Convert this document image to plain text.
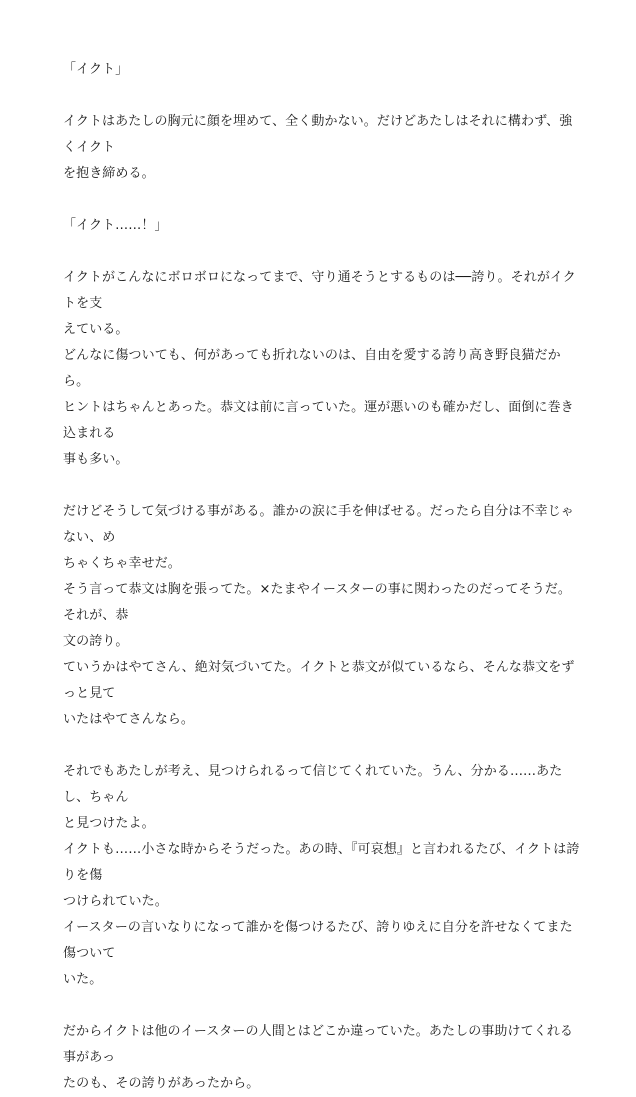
「イクト」

イクトはあたしの胸元に顔を埋めて、全く動かない。だけどあたしはそれに構わず、強くイクト

を抱き締める。

「イクト……！」

イクトがこんなにボロボロになってまで、守り通そうとするものは──誇り。それがイクトを支

えている。

どんなに傷ついても、何があっても折れないのは、自由を愛する誇り高き野良猫だから。

ヒントはちゃんとあった。恭文は前に言っていた。運が悪いのも確かだし、面倒に巻き込まれる

事も多い。

だけどそうして気づける事がある。誰かの涙に手を伸ばせる。だったら自分は不幸じゃない、め

ちゃくちゃ幸せだ。

そう言って恭文は胸を張ってた。×たまやイースターの事に関わったのだってそうだ。それが、恭

文の誇り。

ていうかはやてさん、絶対気づいてた。イクトと恭文が似ているなら、そんな恭文をずっと見て

いたはやてさんなら。

それでもあたしが考え、見つけられるって信じてくれていた。うん、分かる……あたし、ちゃん

と見つけたよ。

イクトも……小さな時からそうだった。あの時、『可哀想』と言われるたび、イクトは誇りを傷

つけられていた。

イースターの言いなりになって誰かを傷つけるたび、誇りゆえに自分を許せなくてまた傷ついて

いた。

だからイクトは他のイースターの人間とはどこか違っていた。あたしの事助けてくれる事があっ

たのも、その誇りがあったから。
